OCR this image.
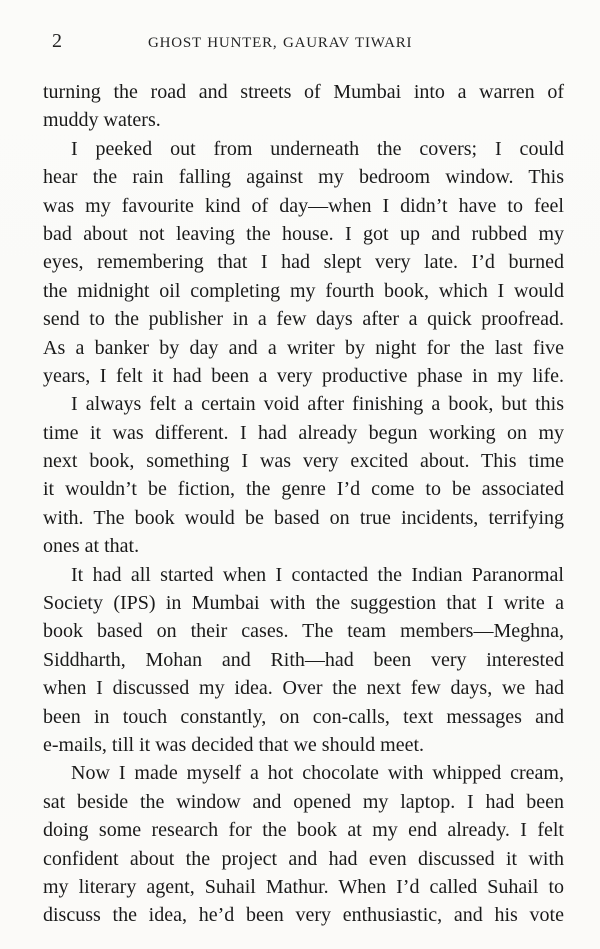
2	GHOST HUNTER, GAURAV TIWARI
turning the road and streets of Mumbai into a warren of
muddy waters.
I peeked out from underneath the covers; I could
hear the rain falling against my bedroom window. This
was my favourite kind of day—when I didn’t have to feel
bad about not leaving the house. I got up and rubbed my
eyes, remembering that I had slept very late. I’d burned
the midnight oil completing my fourth book, which I would
send to the publisher in a few days after a quick proofread.
As a banker by day and a writer by night for the last five
years, I felt it had been a very productive phase in my life.
I always felt a certain void after finishing a book, but this
time it was different. I had already begun working on my
next book, something I was very excited about. This time
it wouldn’t be fiction, the genre I’d come to be associated
with. The book would be based on true incidents, terrifying
ones at that.
It had all started when I contacted the Indian Paranormal
Society (IPS) in Mumbai with the suggestion that I write a
book based on their cases. The team members—Meghna,
Siddharth, Mohan and Rith—had been very interested
when I discussed my idea. Over the next few days, we had
been in touch constantly, on con-calls, text messages and
e-mails, till it was decided that we should meet.
Now I made myself a hot chocolate with whipped cream,
sat beside the window and opened my laptop. I had been
doing some research for the book at my end already. I felt
confident about the project and had even discussed it with
my literary agent, Suhail Mathur. When I’d called Suhail to
discuss the idea, he’d been very enthusiastic, and his vote
